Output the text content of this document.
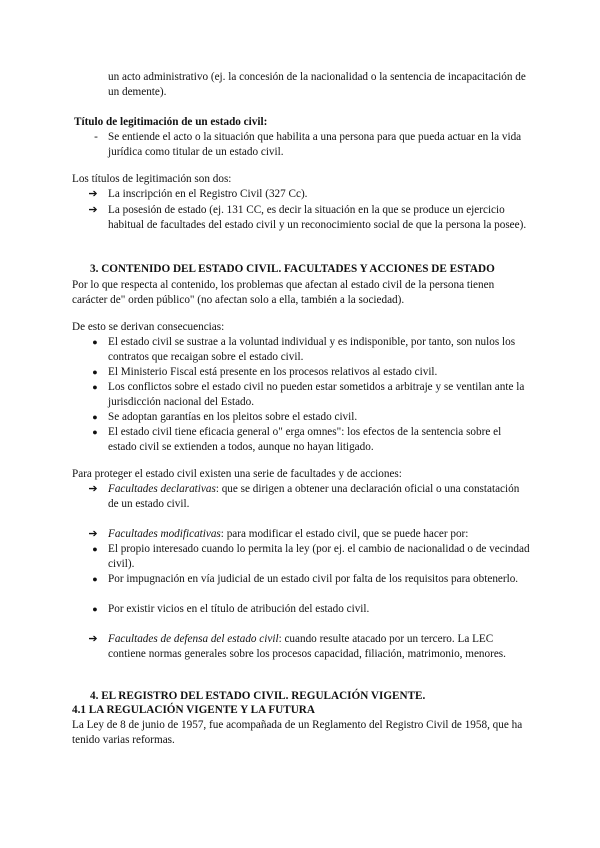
un acto administrativo (ej. la concesión de la nacionalidad o la sentencia de incapacitación de un demente).

Título de legitimación de un estado civil:
- Se entiende el acto o la situación que habilita a una persona para que pueda actuar en la vida jurídica como titular de un estado civil.

Los títulos de legitimación son dos:

➔ La inscripción en el Registro Civil (327 Cc).
➔ La posesión de estado (ej. 131 CC, es decir la situación en la que se produce un ejercicio habitual de facultades del estado civil y un reconocimiento social de que la persona la posee).
3. CONTENIDO DEL ESTADO CIVIL. FACULTADES Y ACCIONES DE ESTADO

Por lo que respecta al contenido, los problemas que afectan al estado civil de la persona tienen carácter de" orden público" (no afectan solo a ella, también a la sociedad).

De esto se derivan consecuencias:

● El estado civil se sustrae a la voluntad individual y es indisponible, por tanto, son nulos los contratos que recaigan sobre el estado civil.
● El Ministerio Fiscal está presente en los procesos relativos al estado civil.
● Los conflictos sobre el estado civil no pueden estar sometidos a arbitraje y se ventilan ante la jurisdicción nacional del Estado.
● Se adoptan garantías en los pleitos sobre el estado civil.
● El estado civil tiene eficacia general o" erga omnes": los efectos de la sentencia sobre el estado civil se extienden a todos, aunque no hayan litigado.

Para proteger el estado civil existen una serie de facultades y de acciones:

➔ Facultades declarativas: que se dirigen a obtener una declaración oficial o una constatación de un estado civil.
➔ Facultades modificativas: para modificar el estado civil, que se puede hacer por:
● El propio interesado cuando lo permita la ley (por ej. el cambio de nacionalidad o de vecindad civil).
● Por impugnación en vía judicial de un estado civil por falta de los requisitos para obtenerlo.
● Por existir vicios en el título de atribución del estado civil.
➔ Facultades de defensa del estado civil: cuando resulte atacado por un tercero. La LEC contiene normas generales sobre los procesos capacidad, filiación, matrimonio, menores.
4. EL REGISTRO DEL ESTADO CIVIL. REGULACIÓN VIGENTE.
4.1 LA REGULACIÓN VIGENTE Y LA FUTURA

La Ley de 8 de junio de 1957, fue acompañada de un Reglamento del Registro Civil de 1958, que ha tenido varias reformas.
